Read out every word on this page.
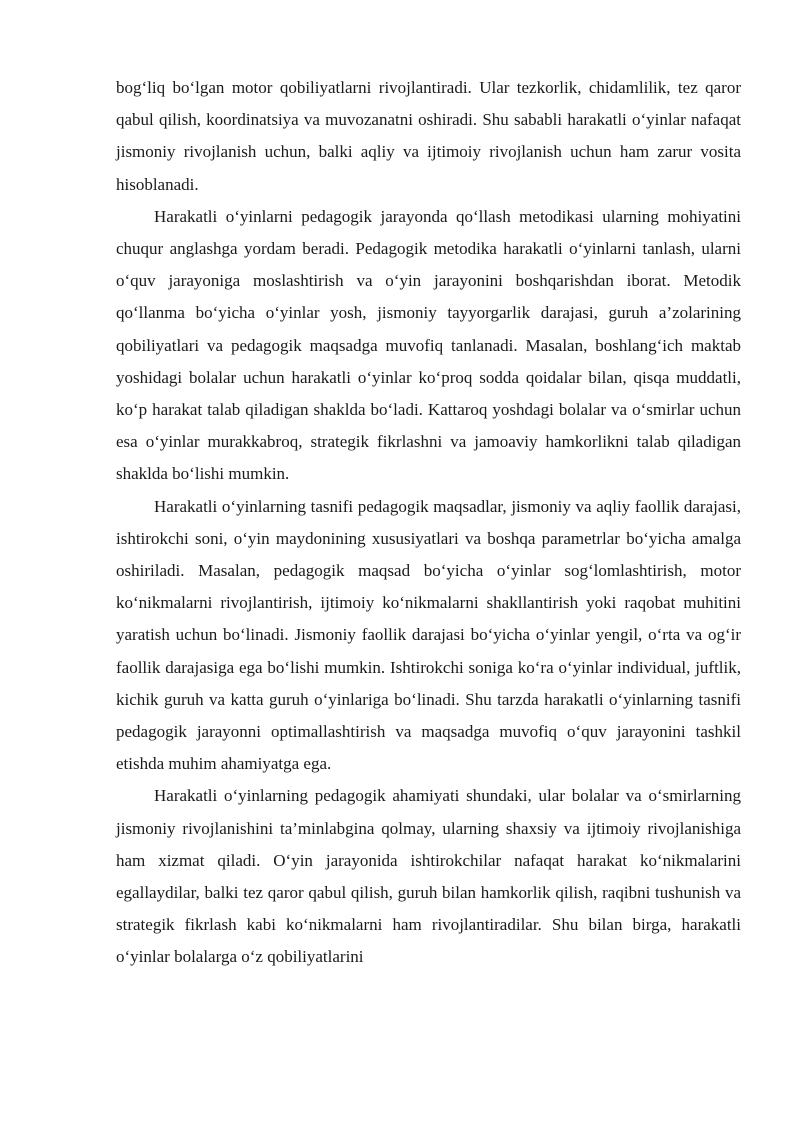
bog‘liq bo‘lgan motor qobiliyatlarni rivojlantiradi. Ular tezkorlik, chidamlilik, tez qaror qabul qilish, koordinatsiya va muvozanatni oshiradi. Shu sababli harakatli o‘yinlar nafaqat jismoniy rivojlanish uchun, balki aqliy va ijtimoiy rivojlanish uchun ham zarur vosita hisoblanadi.

Harakatli o‘yinlarni pedagogik jarayonda qo‘llash metodikasi ularning mohiyatini chuqur anglashga yordam beradi. Pedagogik metodika harakatli o‘yinlarni tanlash, ularni o‘quv jarayoniga moslashtirish va o‘yin jarayonini boshqarishdan iborat. Metodik qo‘llanma bo‘yicha o‘yinlar yosh, jismoniy tayyorgarlik darajasi, guruh a’zolarining qobiliyatlari va pedagogik maqsadga muvofiq tanlanadi. Masalan, boshlang‘ich maktab yoshidagi bolalar uchun harakatli o‘yinlar ko‘proq sodda qoidalar bilan, qisqa muddatli, ko‘p harakat talab qiladigan shaklda bo‘ladi. Kattaroq yoshdagi bolalar va o‘smirlar uchun esa o‘yinlar murakkabroq, strategik fikrlashni va jamoaviy hamkorlikni talab qiladigan shaklda bo‘lishi mumkin.

Harakatli o‘yinlarning tasnifi pedagogik maqsadlar, jismoniy va aqliy faollik darajasi, ishtirokchi soni, o‘yin maydonining xususiyatlari va boshqa parametrlar bo‘yicha amalga oshiriladi. Masalan, pedagogik maqsad bo‘yicha o‘yinlar sog‘lomlashtirish, motor ko‘nikmalarni rivojlantirish, ijtimoiy ko‘nikmalarni shakllantirish yoki raqobat muhitini yaratish uchun bo‘linadi. Jismoniy faollik darajasi bo‘yicha o‘yinlar yengil, o‘rta va og‘ir faollik darajasiga ega bo‘lishi mumkin. Ishtirokchi soniga ko‘ra o‘yinlar individual, juftlik, kichik guruh va katta guruh o‘yinlariga bo‘linadi. Shu tarzda harakatli o‘yinlarning tasnifi pedagogik jarayonni optimallashtirish va maqsadga muvofiq o‘quv jarayonini tashkil etishda muhim ahamiyatga ega.

Harakatli o‘yinlarning pedagogik ahamiyati shundaki, ular bolalar va o‘smirlarning jismoniy rivojlanishini ta’minlabgina qolmay, ularning shaxsiy va ijtimoiy rivojlanishiga ham xizmat qiladi. O‘yin jarayonida ishtirokchilar nafaqat harakat ko‘nikmalarini egallaydilar, balki tez qaror qabul qilish, guruh bilan hamkorlik qilish, raqibni tushunish va strategik fikrlash kabi ko‘nikmalarni ham rivojlantiradilar. Shu bilan birga, harakatli o‘yinlar bolalarga o‘z qobiliyatlarini
